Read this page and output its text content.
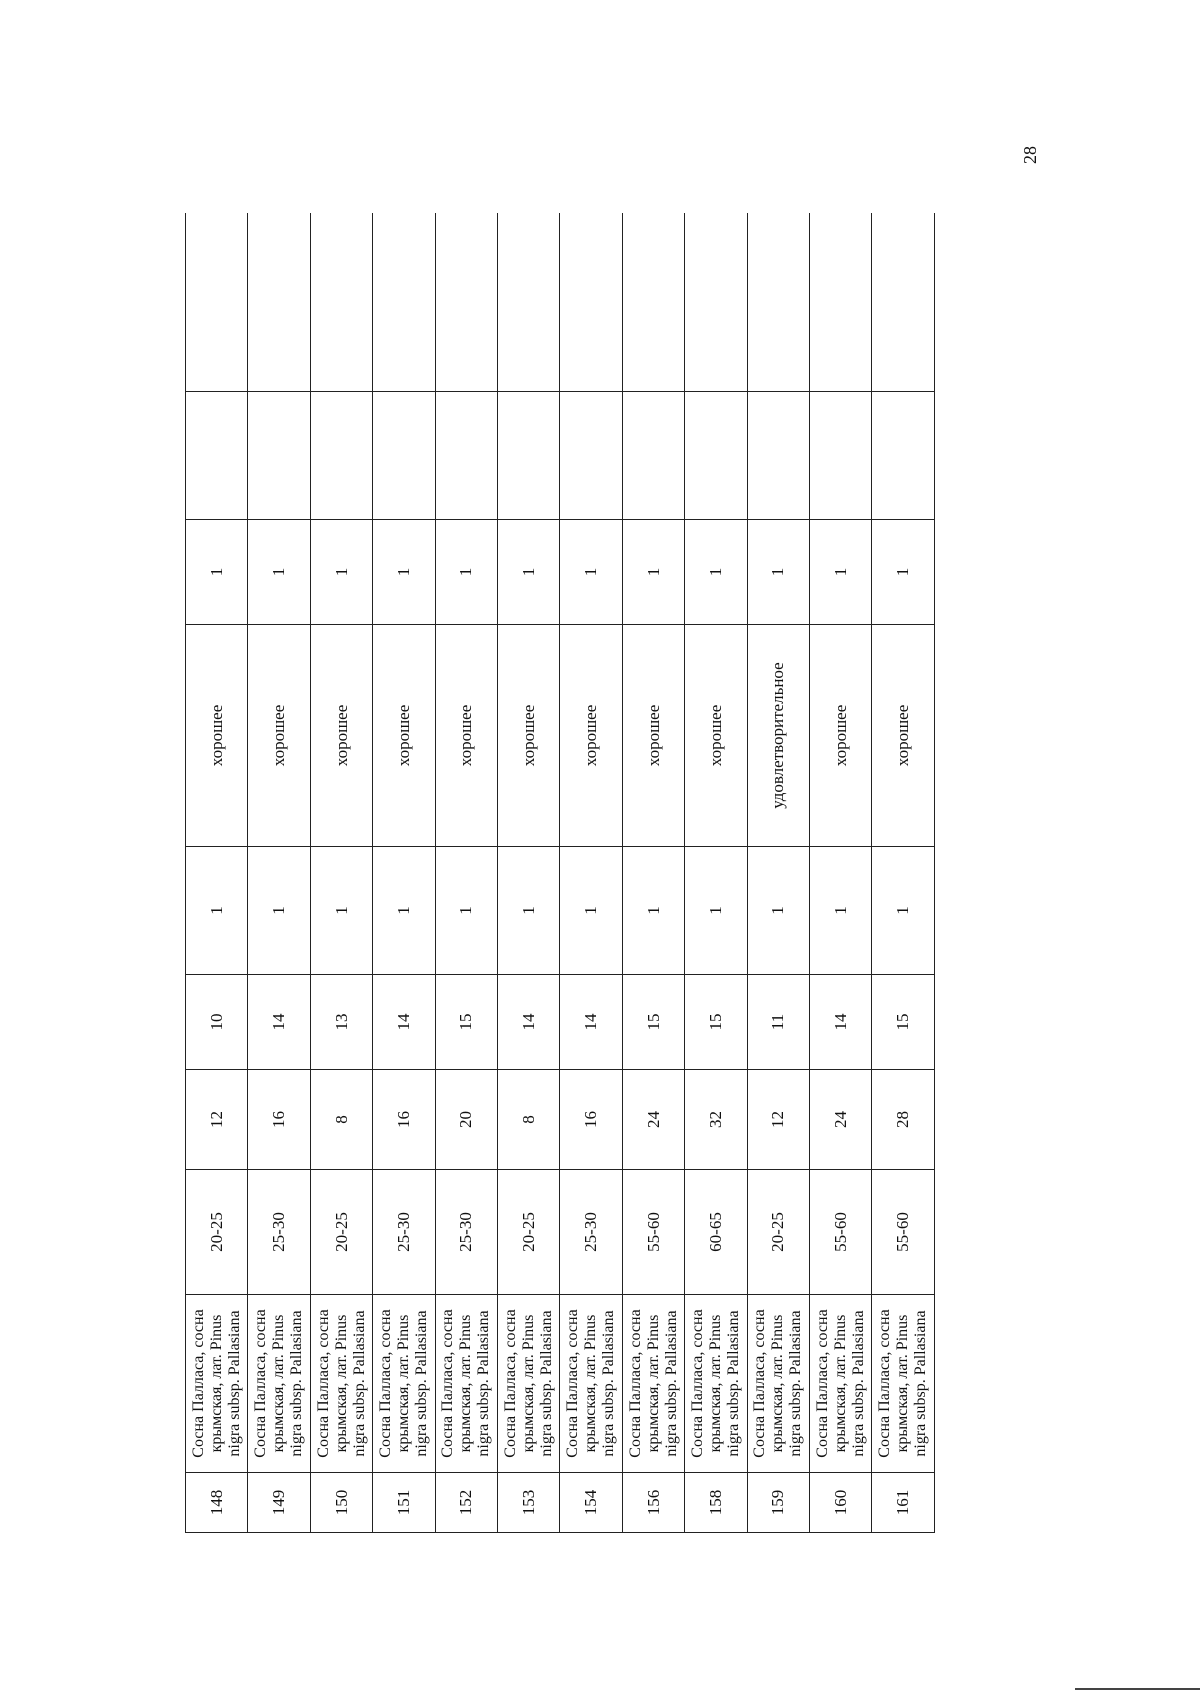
28
148	Сосна Палласа, сосна крымская, лат. Pinus nigra subsp. Pallasiana	20-25	12	10	1	хорошее	1		
149	Сосна Палласа, сосна крымская, лат. Pinus nigra subsp. Pallasiana	25-30	16	14	1	хорошее	1		
150	Сосна Палласа, сосна крымская, лат. Pinus nigra subsp. Pallasiana	20-25	8	13	1	хорошее	1		
151	Сосна Палласа, сосна крымская, лат. Pinus nigra subsp. Pallasiana	25-30	16	14	1	хорошее	1		
152	Сосна Палласа, сосна крымская, лат. Pinus nigra subsp. Pallasiana	25-30	20	15	1	хорошее	1		
153	Сосна Палласа, сосна крымская, лат. Pinus nigra subsp. Pallasiana	20-25	8	14	1	хорошее	1		
154	Сосна Палласа, сосна крымская, лат. Pinus nigra subsp. Pallasiana	25-30	16	14	1	хорошее	1		
156	Сосна Палласа, сосна крымская, лат. Pinus nigra subsp. Pallasiana	55-60	24	15	1	хорошее	1		
158	Сосна Палласа, сосна крымская, лат. Pinus nigra subsp. Pallasiana	60-65	32	15	1	хорошее	1		
159	Сосна Палласа, сосна крымская, лат. Pinus nigra subsp. Pallasiana	20-25	12	11	1	удовлетворительное	1		
160	Сосна Палласа, сосна крымская, лат. Pinus nigra subsp. Pallasiana	55-60	24	14	1	хорошее	1		
161	Сосна Палласа, сосна крымская, лат. Pinus nigra subsp. Pallasiana	55-60	28	15	1	хорошее	1		
